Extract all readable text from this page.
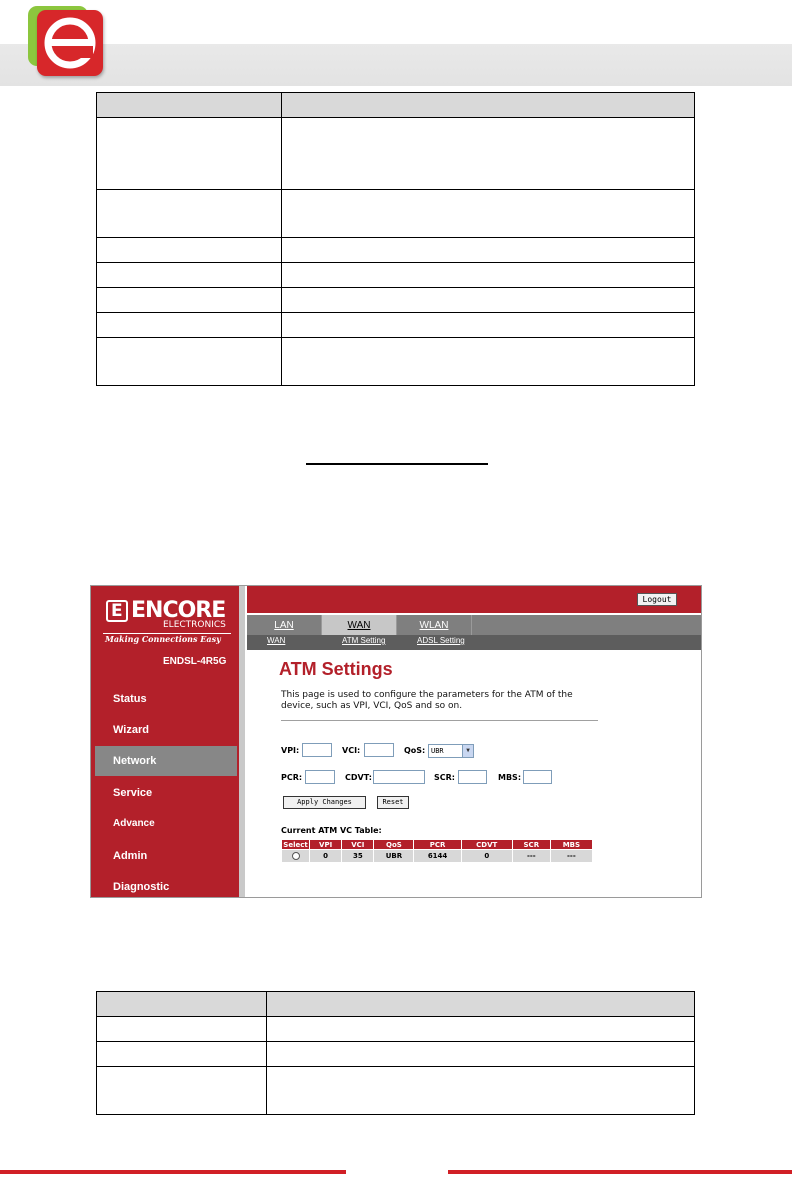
E ENCORE
ELECTRONICS
Making Connections Easy
ENDSL-4R5G
Status
Wizard
Network
Service
Advance
Admin
Diagnostic
Logout
LAN	WAN	WLAN
WAN	ATM Setting	ADSL Setting
ATM Settings
This page is used to configure the parameters for the ATM of the device, such as VPI, VCI, QoS and so on.
VPI:	VCI:	QoS: UBR	▼
PCR:	CDVT:	SCR:	MBS:
Apply Changes	Reset
Current ATM VC Table:
Select	VPI	VCI	QoS	PCR	CDVT	SCR	MBS
	0	35	UBR	6144	0	---	---
